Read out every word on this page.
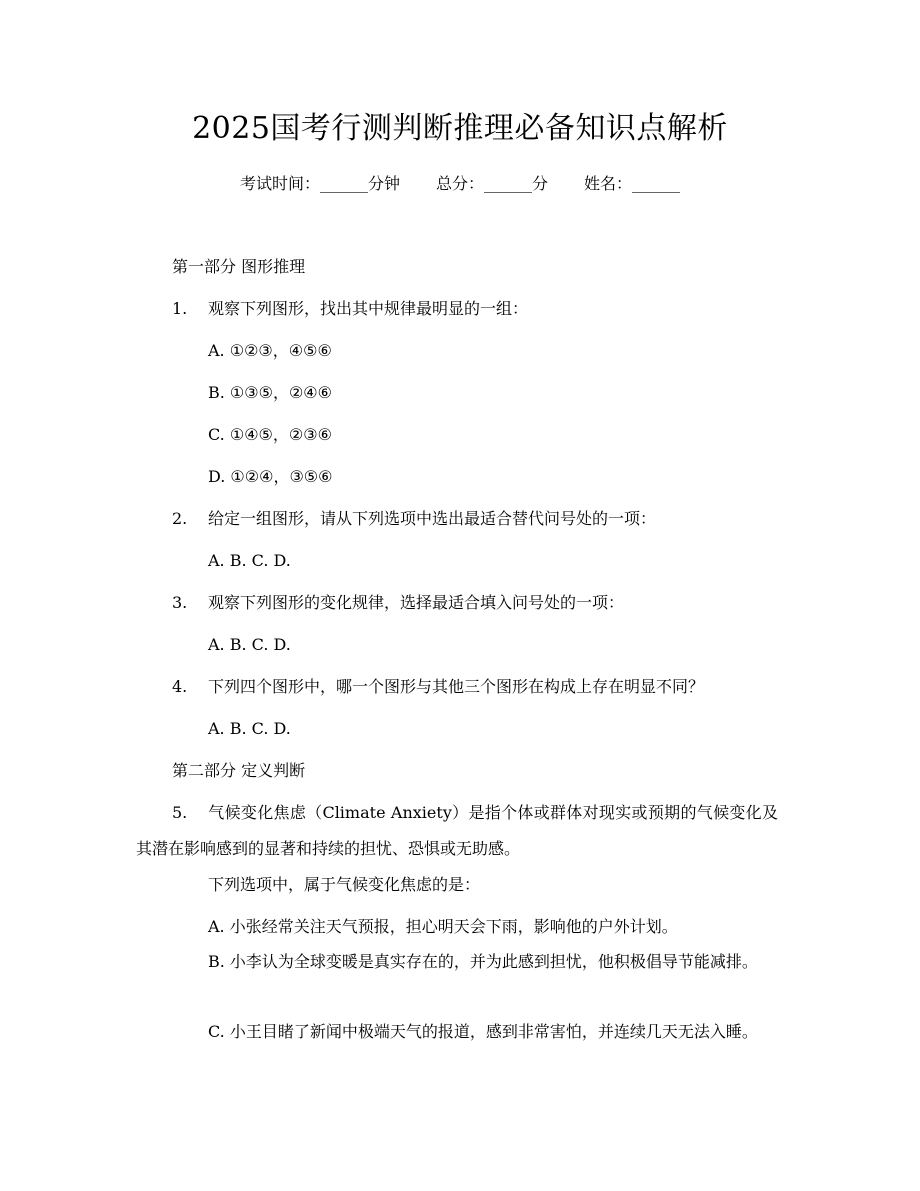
2025国考行测判断推理必备知识点解析
考试时间：______分钟 总分：______分 姓名：______
第一部分 图形推理
1. 观察下列图形，找出其中规律最明显的一组：
A. ①②③，④⑤⑥
B. ①③⑤，②④⑥
C. ①④⑤，②③⑥
D. ①②④，③⑤⑥
2. 给定一组图形，请从下列选项中选出最适合替代问号处的一项：
A. B. C. D.
3. 观察下列图形的变化规律，选择最适合填入问号处的一项：
A. B. C. D.
4. 下列四个图形中，哪一个图形与其他三个图形在构成上存在明显不同？
A. B. C. D.
第二部分 定义判断
5. 气候变化焦虑（Climate Anxiety）是指个体或群体对现实或预期的气候变化及其潜在影响感到的显著和持续的担忧、恐惧或无助感。
下列选项中，属于气候变化焦虑的是：
A. 小张经常关注天气预报，担心明天会下雨，影响他的户外计划。
B. 小李认为全球变暖是真实存在的，并为此感到担忧，他积极倡导节能减排。
C. 小王目睹了新闻中极端天气的报道，感到非常害怕，并连续几天无法入睡。
